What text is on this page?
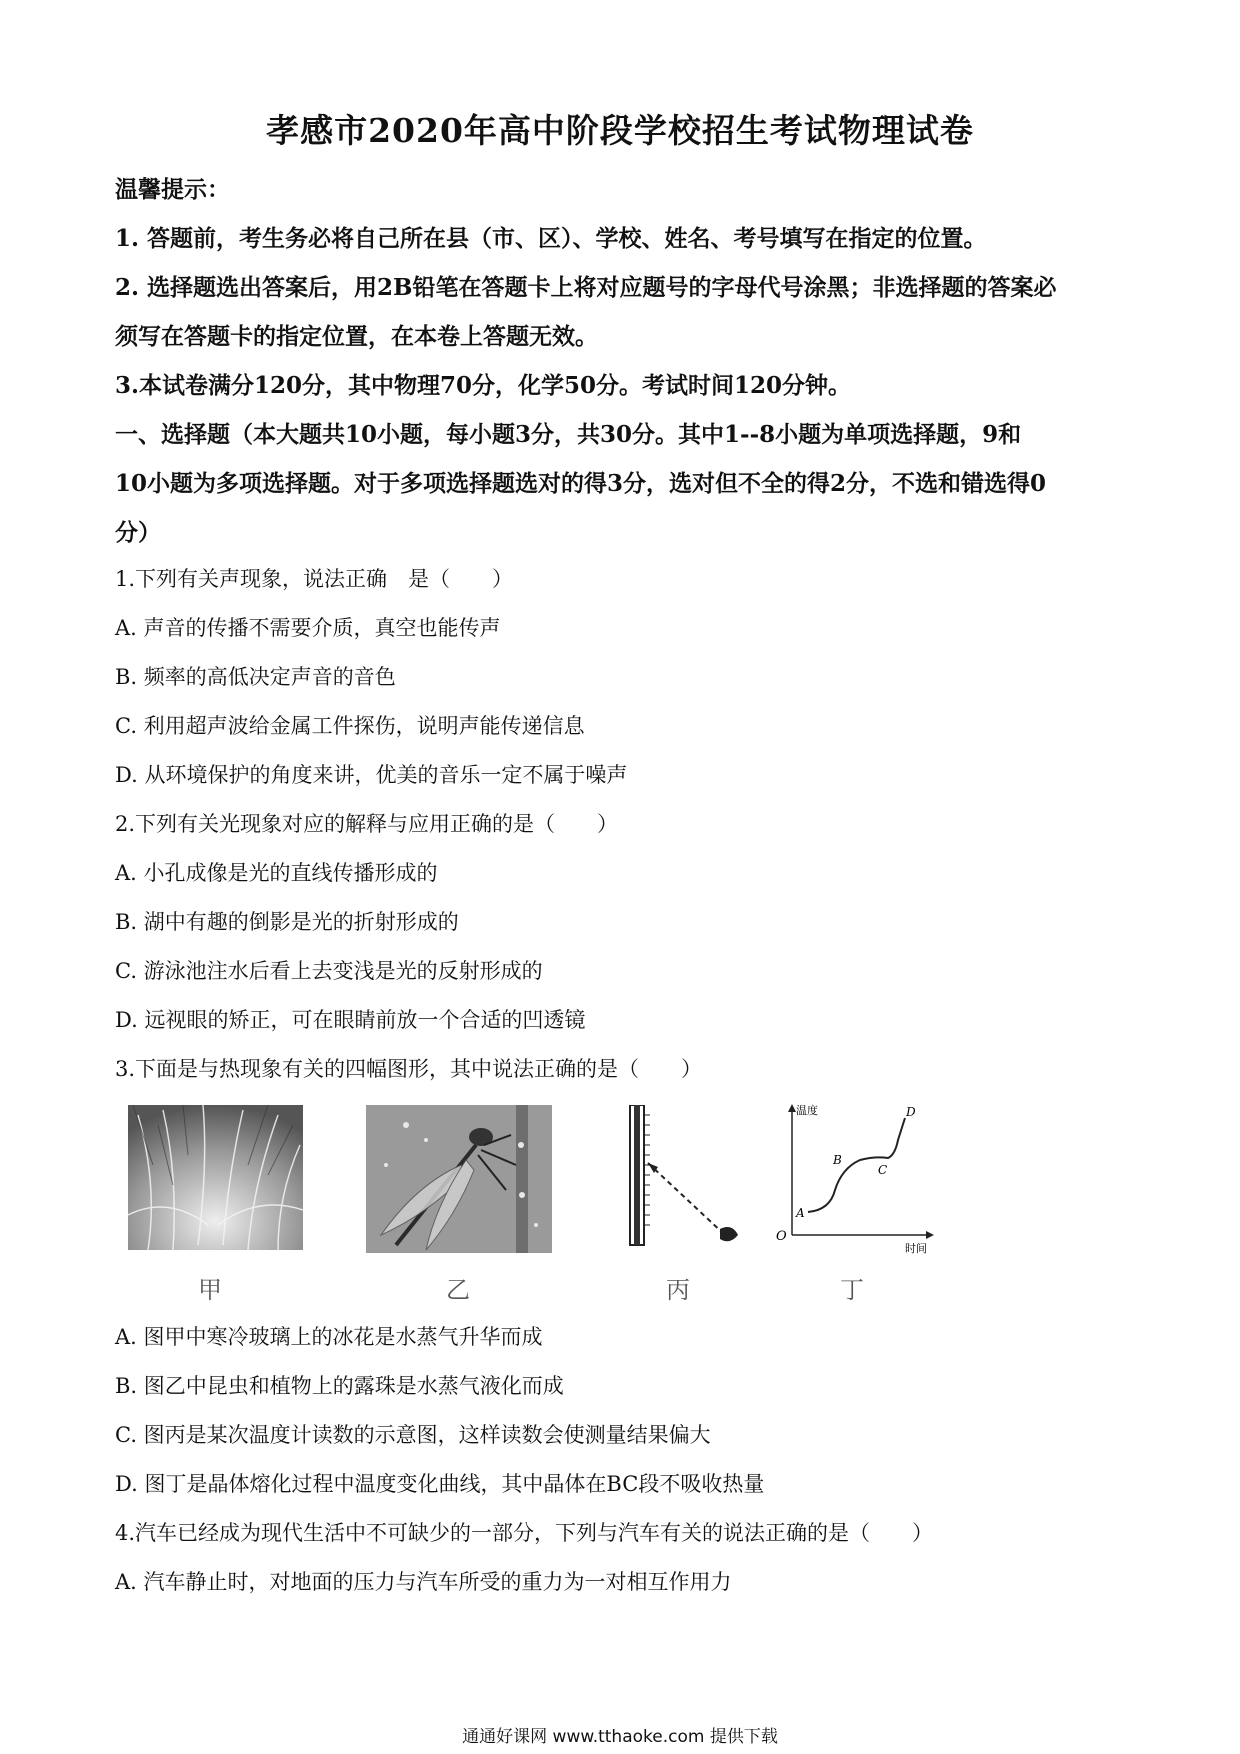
孝感市2020年高中阶段学校招生考试物理试卷
温馨提示：
1. 答题前，考生务必将自己所在县（市、区）、学校、姓名、考号填写在指定的位置。
2. 选择题选出答案后，用2B铅笔在答题卡上将对应题号的字母代号涂黑；非选择题的答案必
须写在答题卡的指定位置，在本卷上答题无效。
3.本试卷满分120分，其中物理70分，化学50分。考试时间120分钟。
一、选择题（本大题共10小题，每小题3分，共30分。其中1--8小题为单项选择题，9和
10小题为多项选择题。对于多项选择题选对的得3分，选对但不全的得2分，不选和错选得0
分）
1.下列有关声现象，说法正确　是（　　）
A. 声音的传播不需要介质，真空也能传声
B. 频率的高低决定声音的音色
C. 利用超声波给金属工件探伤，说明声能传递信息
D. 从环境保护的角度来讲，优美的音乐一定不属于噪声
2.下列有关光现象对应的解释与应用正确的是（　　）
A. 小孔成像是光的直线传播形成的
B. 湖中有趣的倒影是光的折射形成的
C. 游泳池注水后看上去变浅是光的反射形成的
D. 远视眼的矫正，可在眼睛前放一个合适的凹透镜
3.下面是与热现象有关的四幅图形，其中说法正确的是（　　）
温度
时间
O
A
B
C
D
甲	乙	丙	丁
A. 图甲中寒冷玻璃上的冰花是水蒸气升华而成
B. 图乙中昆虫和植物上的露珠是水蒸气液化而成
C. 图丙是某次温度计读数的示意图，这样读数会使测量结果偏大
D. 图丁是晶体熔化过程中温度变化曲线，其中晶体在BC段不吸收热量
4.汽车已经成为现代生活中不可缺少的一部分，下列与汽车有关的说法正确的是（　　）
A. 汽车静止时，对地面的压力与汽车所受的重力为一对相互作用力
通通好课网 www.tthaoke.com 提供下载
